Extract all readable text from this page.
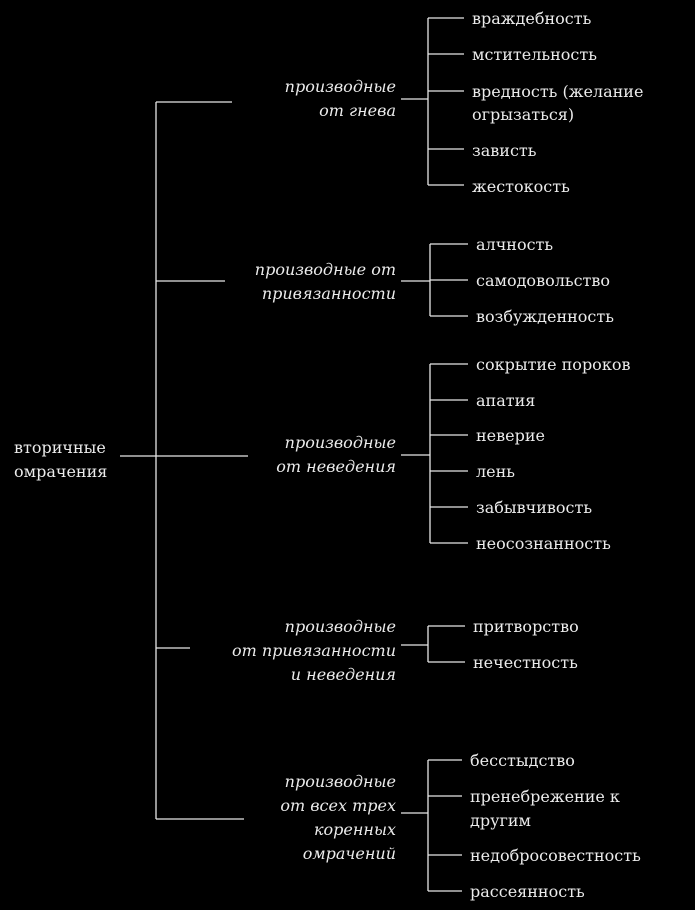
вторичные
омрачения
производные
от гнева
враждебность
мстительность
вредность (желание
огрызаться)
зависть
жестокость
производные от
привязанности
алчность
самодовольство
возбужденность
производные
от неведения
сокрытие пороков
апатия
неверие
лень
забывчивость
неосознанность
производные
от привязанности
и неведения
притворство
нечестность
производные
от всех трех
коренных
омрачений
бесстыдство
пренебрежение к
другим
недобросовестность
рассеянность
